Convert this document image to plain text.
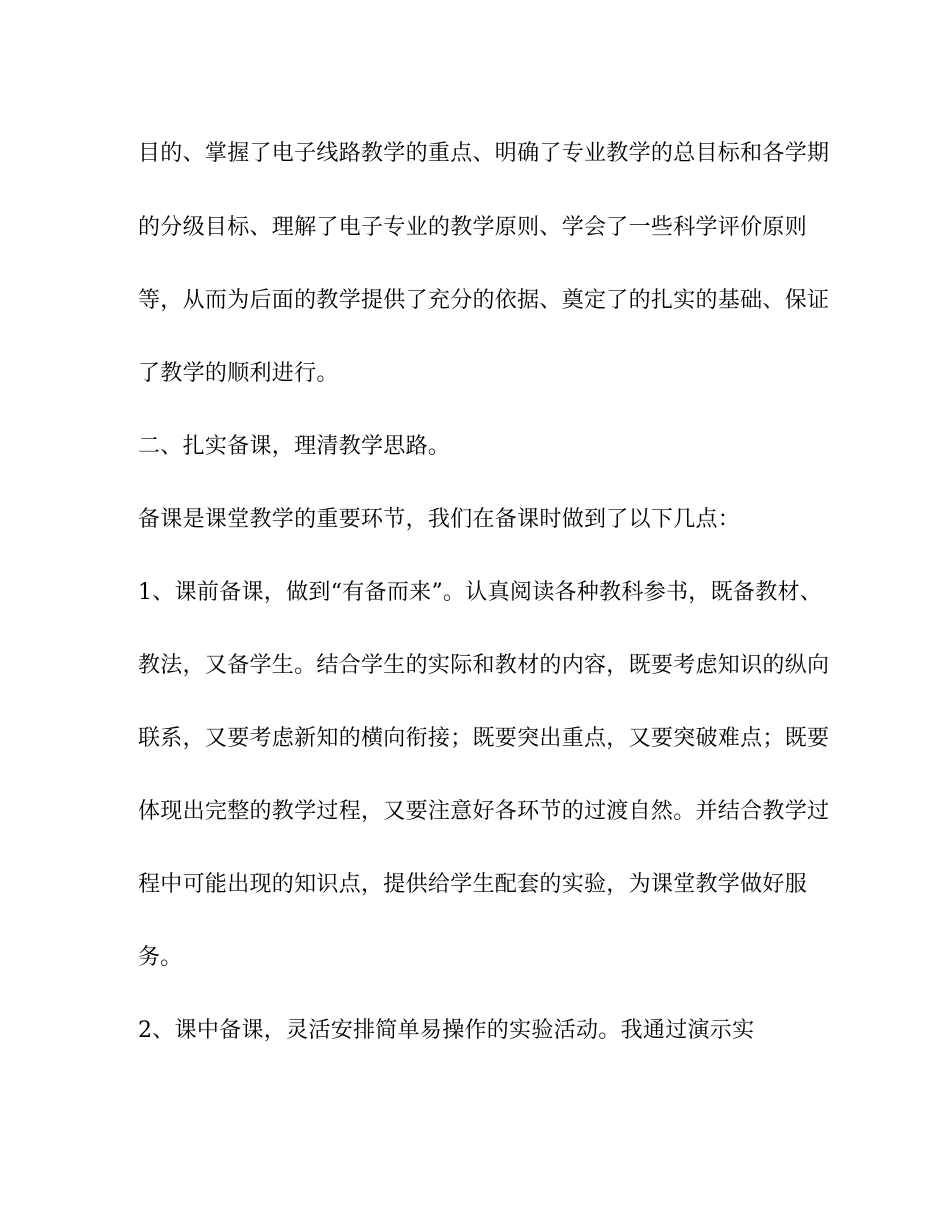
目的、掌握了电子线路教学的重点、明确了专业教学的总目标和各学期
的分级目标、理解了电子专业的教学原则、学会了一些科学评价原则
等，从而为后面的教学提供了充分的依据、奠定了的扎实的基础、保证
了教学的顺利进行。
二、扎实备课，理清教学思路。
备课是课堂教学的重要环节，我们在备课时做到了以下几点：
1、课前备课，做到“有备而来”。认真阅读各种教科参书，既备教材、
教法，又备学生。结合学生的实际和教材的内容，既要考虑知识的纵向
联系，又要考虑新知的横向衔接；既要突出重点，又要突破难点；既要
体现出完整的教学过程，又要注意好各环节的过渡自然。并结合教学过
程中可能出现的知识点，提供给学生配套的实验，为课堂教学做好服
务。
2、课中备课，灵活安排简单易操作的实验活动。我通过演示实
